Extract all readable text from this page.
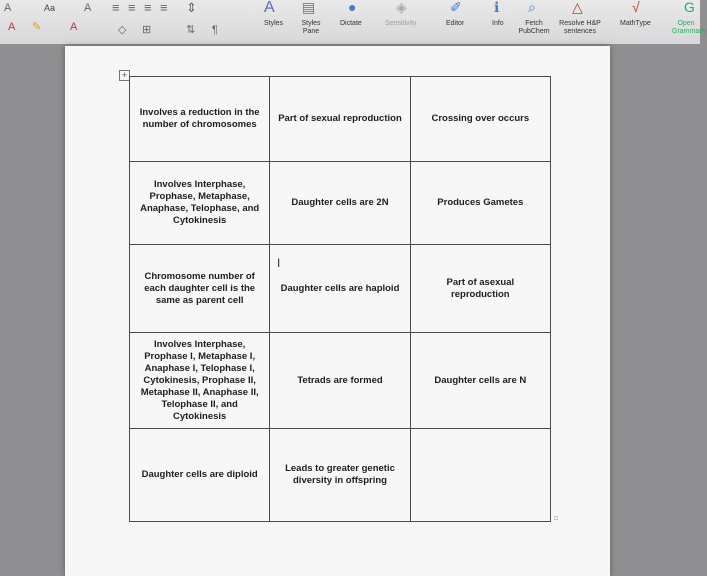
A	Aa	A
A ✎	A
≡ ≡ ≡ ≡ ⇕
◇ ⊞	⇅ ¶
A
Styles
▤
Styles Pane
●
Dictate
◈
Sensitivity
✐
Editor
ℹ
Info
⌕
Fetch PubChem
△
Resolve H&P sentences
√
MathType
G
Open Grammarly
+
Involves a reduction in the number of chromosomes	Part of sexual reproduction	Crossing over occurs
Involves Interphase, Prophase, Metaphase, Anaphase, Telophase, and Cytokinesis	Daughter cells are 2N	Produces Gametes
Chromosome number of each daughter cell is the same as parent cell	Daughter cells are haploid	Part of asexual reproduction
Involves Interphase, Prophase I, Metaphase I, Anaphase I, Telophase I, Cytokinesis, Prophase II, Metaphase II, Anaphase II, Telophase II, and Cytokinesis	Tetrads are formed	Daughter cells are N
Daughter cells are diploid	Leads to greater genetic diversity in offspring	
I
□
